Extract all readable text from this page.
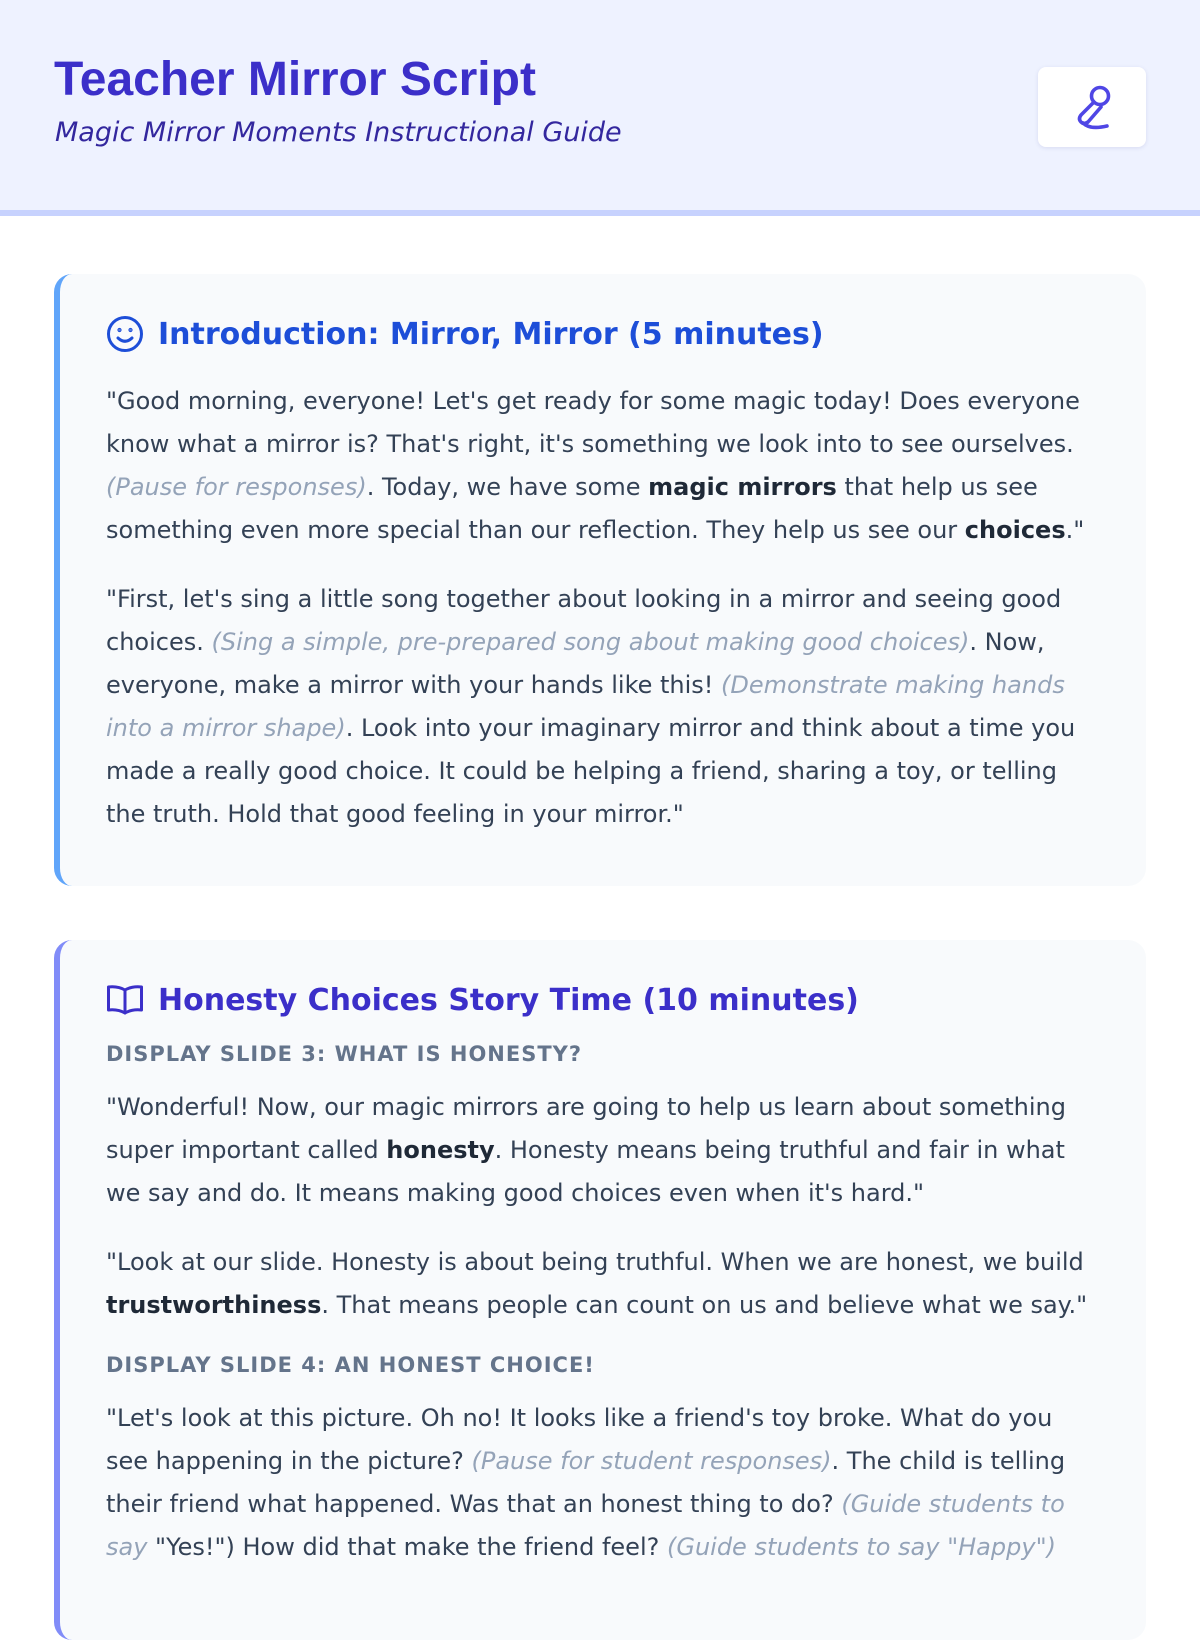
Teacher Mirror Script
Magic Mirror Moments Instructional Guide
Introduction: Mirror, Mirror (5 minutes)

"Good morning, everyone! Let's get ready for some magic today! Does everyone know what a mirror is? That's right, it's something we look into to see ourselves. (Pause for responses). Today, we have some magic mirrors that help us see something even more special than our reflection. They help us see our choices."

"First, let's sing a little song together about looking in a mirror and seeing good choices. (Sing a simple, pre-prepared song about making good choices). Now, everyone, make a mirror with your hands like this! (Demonstrate making hands into a mirror shape). Look into your imaginary mirror and think about a time you made a really good choice. It could be helping a friend, sharing a toy, or telling the truth. Hold that good feeling in your mirror."

Honesty Choices Story Time (10 minutes)
DISPLAY SLIDE 3: WHAT IS HONESTY?

"Wonderful! Now, our magic mirrors are going to help us learn about something super important called honesty. Honesty means being truthful and fair in what we say and do. It means making good choices even when it's hard."

"Look at our slide. Honesty is about being truthful. When we are honest, we build trustworthiness. That means people can count on us and believe what we say."

DISPLAY SLIDE 4: AN HONEST CHOICE!

"Let's look at this picture. Oh no! It looks like a friend's toy broke. What do you see happening in the picture? (Pause for student responses). The child is telling their friend what happened. Was that an honest thing to do? (Guide students to say "Yes!") How did that make the friend feel? (Guide students to say "Happy")
